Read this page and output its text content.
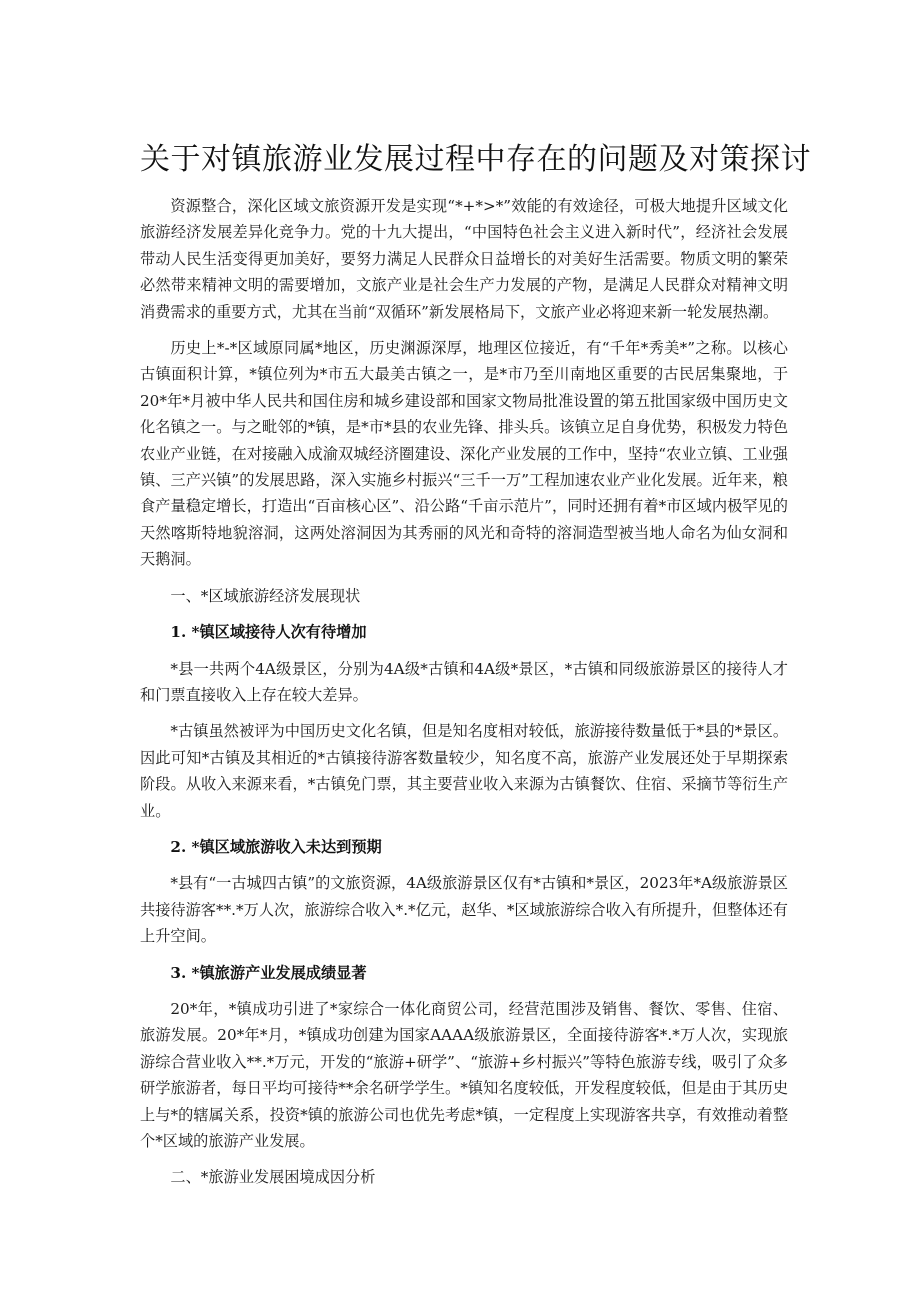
关于对镇旅游业发展过程中存在的问题及对策探讨

资源整合，深化区域文旅资源开发是实现“*+*>*”效能的有效途径，可极大地提升区域文化旅游经济发展差异化竞争力。党的十九大提出，“中国特色社会主义进入新时代”，经济社会发展带动人民生活变得更加美好，要努力满足人民群众日益增长的对美好生活需要。物质文明的繁荣必然带来精神文明的需要增加，文旅产业是社会生产力发展的产物，是满足人民群众对精神文明消费需求的重要方式，尤其在当前“双循环”新发展格局下，文旅产业必将迎来新一轮发展热潮。

历史上*-*区域原同属*地区，历史渊源深厚，地理区位接近，有“千年*秀美*”之称。以核心古镇面积计算，*镇位列为*市五大最美古镇之一，是*市乃至川南地区重要的古民居集聚地，于20*年*月被中华人民共和国住房和城乡建设部和国家文物局批准设置的第五批国家级中国历史文化名镇之一。与之毗邻的*镇，是*市*县的农业先锋、排头兵。该镇立足自身优势，积极发力特色农业产业链，在对接融入成渝双城经济圈建设、深化产业发展的工作中，坚持“农业立镇、工业强镇、三产兴镇”的发展思路，深入实施乡村振兴“三千一万”工程加速农业产业化发展。近年来，粮食产量稳定增长，打造出“百亩核心区”、沿公路“千亩示范片”，同时还拥有着*市区域内极罕见的天然喀斯特地貌溶洞，这两处溶洞因为其秀丽的风光和奇特的溶洞造型被当地人命名为仙女洞和天鹅洞。

一、*区域旅游经济发展现状

1. *镇区域接待人次有待增加

*县一共两个4A级景区，分别为4A级*古镇和4A级*景区，*古镇和同级旅游景区的接待人才和门票直接收入上存在较大差异。

*古镇虽然被评为中国历史文化名镇，但是知名度相对较低，旅游接待数量低于*县的*景区。因此可知*古镇及其相近的*古镇接待游客数量较少，知名度不高，旅游产业发展还处于早期探索阶段。从收入来源来看，*古镇免门票，其主要营业收入来源为古镇餐饮、住宿、采摘节等衍生产业。

2. *镇区域旅游收入未达到预期

*县有“一古城四古镇”的文旅资源，4A级旅游景区仅有*古镇和*景区，2023年*A级旅游景区共接待游客**.*万人次，旅游综合收入*.*亿元，赵华、*区域旅游综合收入有所提升，但整体还有上升空间。

3. *镇旅游产业发展成绩显著

20*年，*镇成功引进了*家综合一体化商贸公司，经营范围涉及销售、餐饮、零售、住宿、旅游发展。20*年*月，*镇成功创建为国家AAAA级旅游景区，全面接待游客*.*万人次，实现旅游综合营业收入**.*万元，开发的“旅游+研学”、“旅游+乡村振兴”等特色旅游专线，吸引了众多研学旅游者，每日平均可接待**余名研学学生。*镇知名度较低，开发程度较低，但是由于其历史上与*的辖属关系，投资*镇的旅游公司也优先考虑*镇，一定程度上实现游客共享，有效推动着整个*区域的旅游产业发展。

二、*旅游业发展困境成因分析
